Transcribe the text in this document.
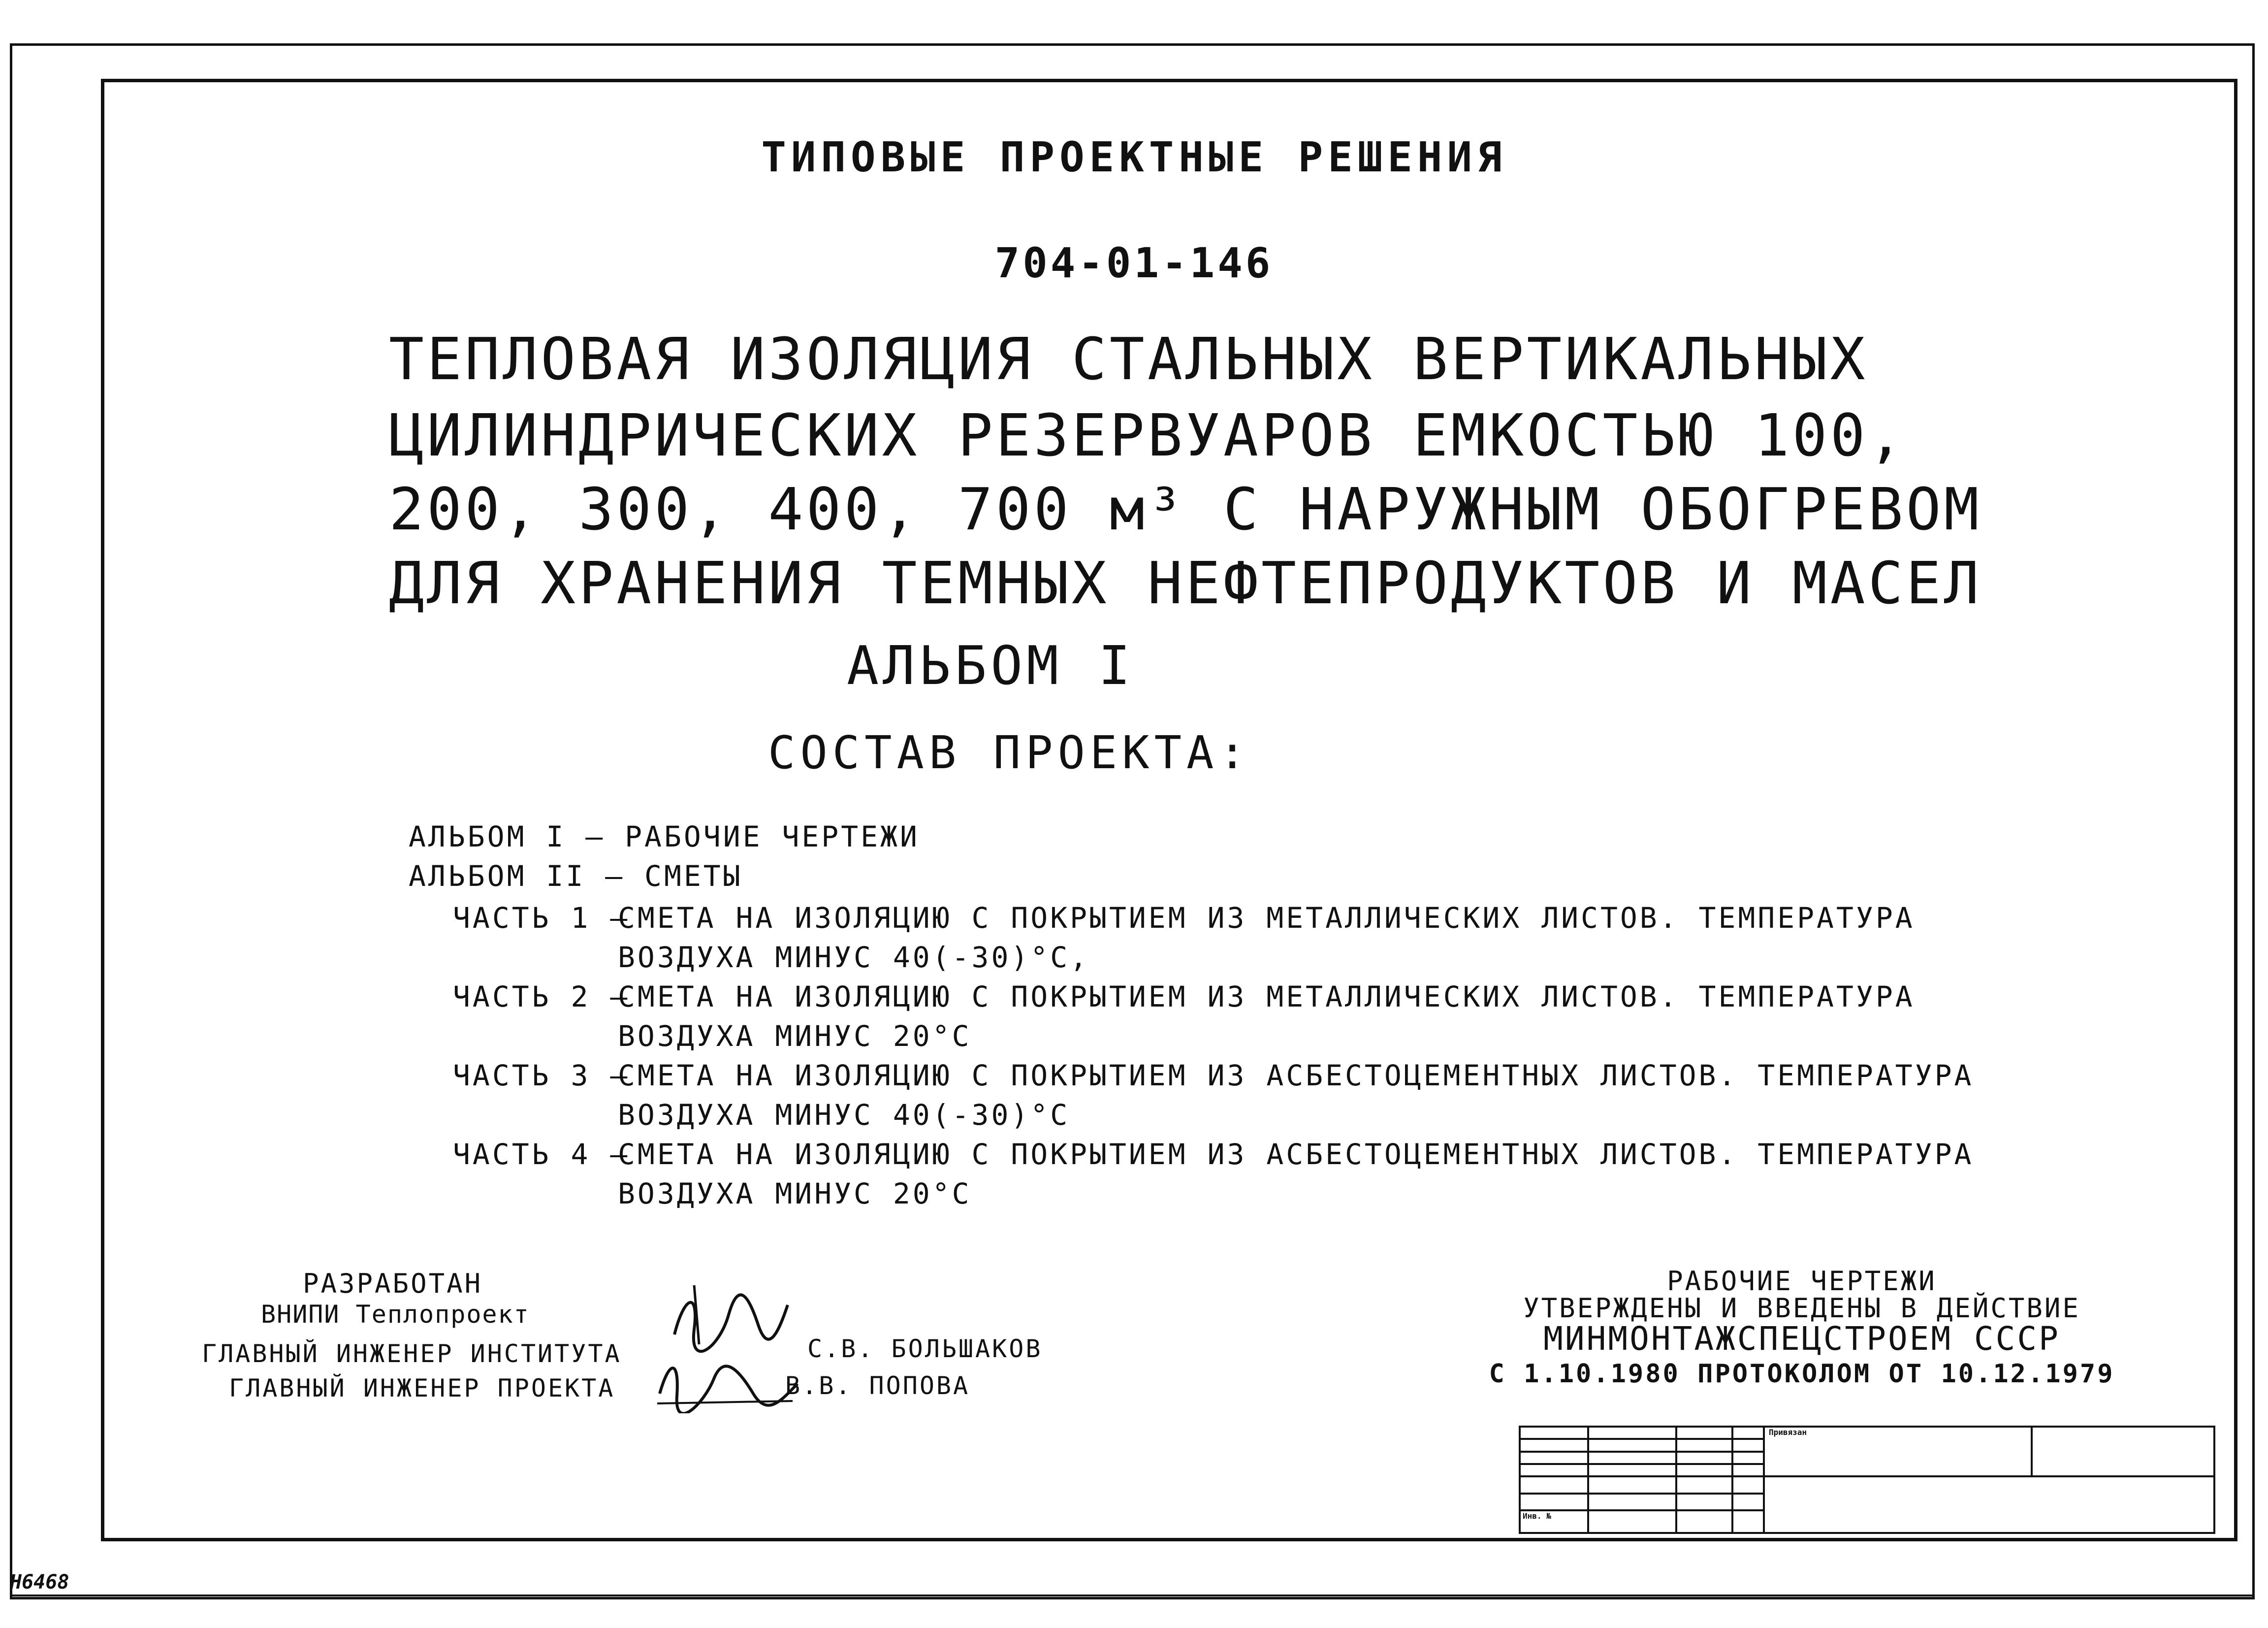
ТИПОВЫЕ ПРОЕКТНЫЕ РЕШЕНИЯ
704-01-146
ТЕПЛОВАЯ ИЗОЛЯЦИЯ СТАЛЬНЫХ ВЕРТИКАЛЬНЫХ
ЦИЛИНДРИЧЕСКИХ РЕЗЕРВУАРОВ ЕМКОСТЬЮ 100,
200, 300, 400, 700 м³ С НАРУЖНЫМ ОБОГРЕВОМ
ДЛЯ ХРАНЕНИЯ ТЕМНЫХ НЕФТЕПРОДУКТОВ И МАСЕЛ
АЛЬБОМ I
СОСТАВ ПРОЕКТА:
АЛЬБОМ I – РАБОЧИЕ ЧЕРТЕЖИ
АЛЬБОМ II – СМЕТЫ
ЧАСТЬ 1 –
СМЕТА НА ИЗОЛЯЦИЮ С ПОКРЫТИЕМ ИЗ МЕТАЛЛИЧЕСКИХ ЛИСТОВ. ТЕМПЕРАТУРА
ВОЗДУХА МИНУС 40(-30)°С,
ЧАСТЬ 2 –
СМЕТА НА ИЗОЛЯЦИЮ С ПОКРЫТИЕМ ИЗ МЕТАЛЛИЧЕСКИХ ЛИСТОВ. ТЕМПЕРАТУРА
ВОЗДУХА МИНУС 20°С
ЧАСТЬ 3 –
СМЕТА НА ИЗОЛЯЦИЮ С ПОКРЫТИЕМ ИЗ АСБЕСТОЦЕМЕНТНЫХ ЛИСТОВ. ТЕМПЕРАТУРА
ВОЗДУХА МИНУС 40(-30)°С
ЧАСТЬ 4 –
СМЕТА НА ИЗОЛЯЦИЮ С ПОКРЫТИЕМ ИЗ АСБЕСТОЦЕМЕНТНЫХ ЛИСТОВ. ТЕМПЕРАТУРА
ВОЗДУХА МИНУС 20°С
РАЗРАБОТАН
ВНИПИ Теплопроект
ГЛАВНЫЙ ИНЖЕНЕР ИНСТИТУТА
ГЛАВНЫЙ ИНЖЕНЕР ПРОЕКТА
С.В. БОЛЬШАКОВ
В.В. ПОПОВА
РАБОЧИЕ ЧЕРТЕЖИ
УТВЕРЖДЕНЫ И ВВЕДЕНЫ В ДЕЙСТВИЕ
МИНМОНТАЖСПЕЦСТРОЕМ СССР
С 1.10.1980 ПРОТОКОЛОМ ОТ 10.12.1979
				Привязан	

Инв. №					
Н6468
